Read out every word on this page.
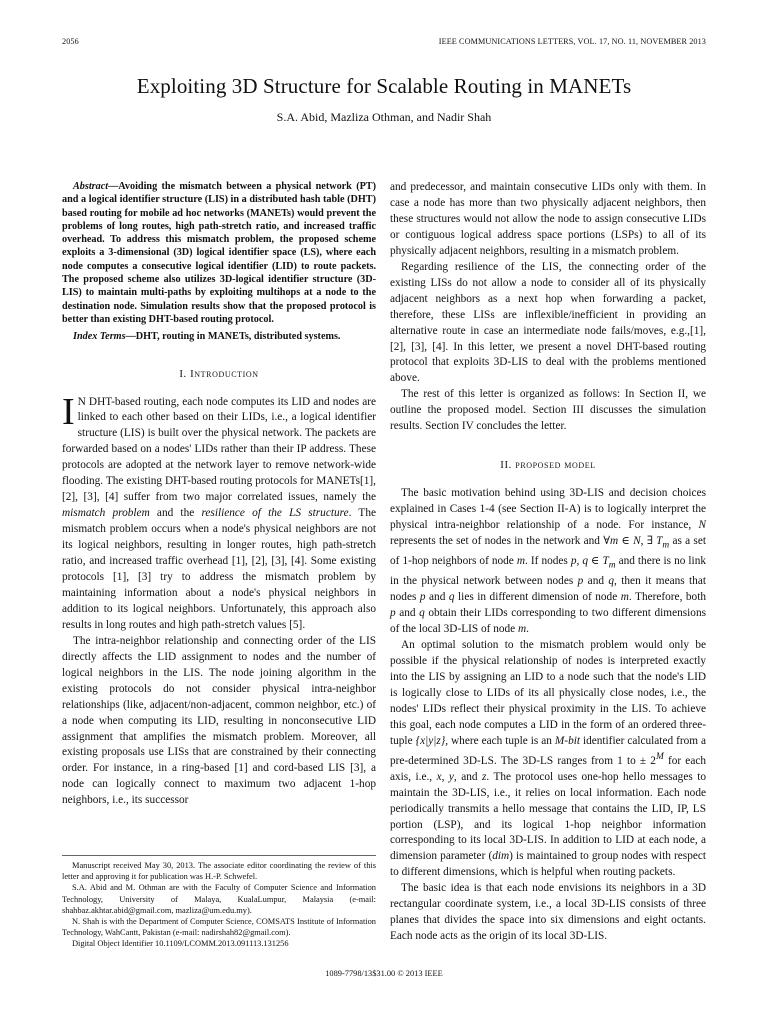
2056	IEEE COMMUNICATIONS LETTERS, VOL. 17, NO. 11, NOVEMBER 2013
Exploiting 3D Structure for Scalable Routing in MANETs
S.A. Abid, Mazliza Othman, and Nadir Shah

Abstract—Avoiding the mismatch between a physical network (PT) and a logical identifier structure (LIS) in a distributed hash table (DHT) based routing for mobile ad hoc networks (MANETs) would prevent the problems of long routes, high path-stretch ratio, and increased traffic overhead. To address this mismatch problem, the proposed scheme exploits a 3-dimensional (3D) logical identifier space (LS), where each node computes a consecutive logical identifier (LID) to route packets. The proposed scheme also utilizes 3D-logical identifier structure (3D-LIS) to maintain multi-paths by exploiting multihops at a node to the destination node. Simulation results show that the proposed protocol is better than existing DHT-based routing protocol.

Index Terms—DHT, routing in MANETs, distributed systems.

I. Introduction

I N DHT-based routing, each node computes its LID and nodes are linked to each other based on their LIDs, i.e., a logical identifier structure (LIS) is built over the physical network. The packets are forwarded based on a nodes' LIDs rather than their IP address. These protocols are adopted at the network layer to remove network-wide flooding. The existing DHT-based routing protocols for MANETs[1], [2], [3], [4] suffer from two major correlated issues, namely the mismatch problem and the resilience of the LS structure. The mismatch problem occurs when a node's physical neighbors are not its logical neighbors, resulting in longer routes, high path-stretch ratio, and increased traffic overhead [1], [2], [3], [4]. Some existing protocols [1], [3] try to address the mismatch problem by maintaining information about a node's physical neighbors in addition to its logical neighbors. Unfortunately, this approach also results in long routes and high path-stretch values [5].

The intra-neighbor relationship and connecting order of the LIS directly affects the LID assignment to nodes and the number of logical neighbors in the LIS. The node joining algorithm in the existing protocols do not consider physical intra-neighbor relationships (like, adjacent/non-adjacent, common neighbor, etc.) of a node when computing its LID, resulting in nonconsecutive LID assignment that amplifies the mismatch problem. Moreover, all existing proposals use LISs that are constrained by their connecting order. For instance, in a ring-based [1] and cord-based LIS [3], a node can logically connect to maximum two adjacent 1-hop neighbors, i.e., its successor

Manuscript received May 30, 2013. The associate editor coordinating the review of this letter and approving it for publication was H.-P. Schwefel.

S.A. Abid and M. Othman are with the Faculty of Computer Science and Information Technology, University of Malaya, KualaLumpur, Malaysia (e-mail: shahbaz.akhtar.abid@gmail.com, mazliza@um.edu.my).

N. Shah is with the Department of Computer Science, COMSATS Institute of Information Technology, WahCantt, Pakistan (e-mail: nadirshah82@gmail.com).

Digital Object Identifier 10.1109/LCOMM.2013.091113.131256

and predecessor, and maintain consecutive LIDs only with them. In case a node has more than two physically adjacent neighbors, then these structures would not allow the node to assign consecutive LIDs or contiguous logical address space portions (LSPs) to all of its physically adjacent neighbors, resulting in a mismatch problem.

Regarding resilience of the LIS, the connecting order of the existing LISs do not allow a node to consider all of its physically adjacent neighbors as a next hop when forwarding a packet, therefore, these LISs are inflexible/inefficient in providing an alternative route in case an intermediate node fails/moves, e.g.,[1], [2], [3], [4]. In this letter, we present a novel DHT-based routing protocol that exploits 3D-LIS to deal with the problems mentioned above.

The rest of this letter is organized as follows: In Section II, we outline the proposed model. Section III discusses the simulation results. Section IV concludes the letter.

II. proposed model

The basic motivation behind using 3D-LIS and decision choices explained in Cases 1-4 (see Section II-A) is to logically interpret the physical intra-neighbor relationship of a node. For instance, N represents the set of nodes in the network and ∀m ∈ N, ∃ $T_m$ as a set of 1-hop neighbors of node m. If nodes p, q ∈ $T_m$ and there is no link in the physical network between nodes p and q, then it means that nodes p and q lies in different dimension of node m. Therefore, both p and q obtain their LIDs corresponding to two different dimensions of the local 3D-LIS of node m.

An optimal solution to the mismatch problem would only be possible if the physical relationship of nodes is interpreted exactly into the LIS by assigning an LID to a node such that the node's LID is logically close to LIDs of its all physically close nodes, i.e., the nodes' LIDs reflect their physical proximity in the LIS. To achieve this goal, each node computes a LID in the form of an ordered three-tuple {x|y|z}, where each tuple is an M-bit identifier calculated from a pre-determined 3D-LS. The 3D-LS ranges from 1 to ± $2^M$ for each axis, i.e., x, y, and z. The protocol uses one-hop hello messages to maintain the 3D-LIS, i.e., it relies on local information. Each node periodically transmits a hello message that contains the LID, IP, LS portion (LSP), and its logical 1-hop neighbor information corresponding to its local 3D-LIS. In addition to LID at each node, a dimension parameter (dim) is maintained to group nodes with respect to different dimensions, which is helpful when routing packets.

The basic idea is that each node envisions its neighbors in a 3D rectangular coordinate system, i.e., a local 3D-LIS consists of three planes that divides the space into six dimensions and eight octants. Each node acts as the origin of its local 3D-LIS.

1089-7798/13$31.00 © 2013 IEEE
